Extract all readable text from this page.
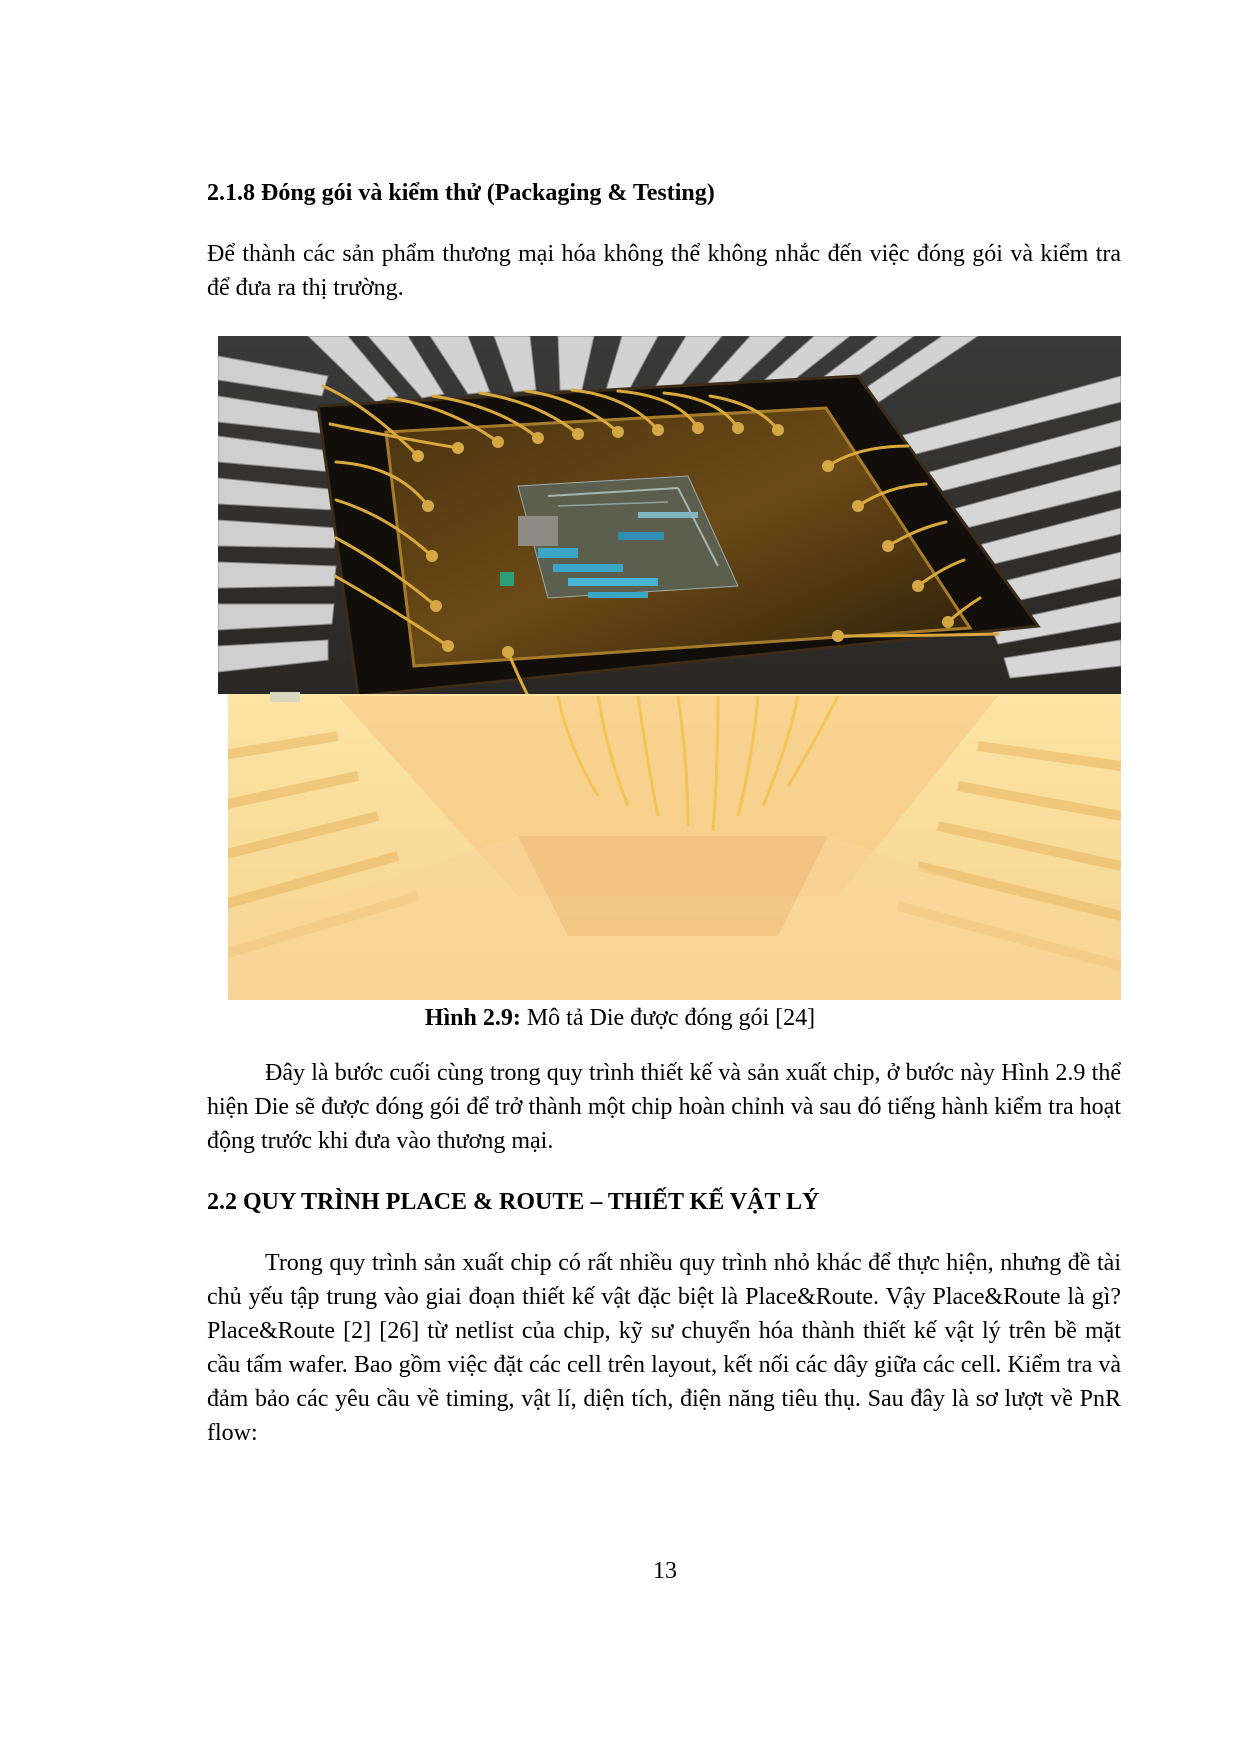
2.1.8 Đóng gói và kiểm thử (Packaging & Testing)

Để thành các sản phẩm thương mại hóa không thể không nhắc đến việc đóng gói và kiểm tra để đưa ra thị trường.

Hình 2.9: Mô tả Die được đóng gói [24]

Đây là bước cuối cùng trong quy trình thiết kế và sản xuất chip, ở bước này Hình 2.9 thể hiện Die sẽ được đóng gói để trở thành một chip hoàn chỉnh và sau đó tiếng hành kiểm tra hoạt động trước khi đưa vào thương mại.

2.2 QUY TRÌNH PLACE & ROUTE – THIẾT KẾ VẬT LÝ

Trong quy trình sản xuất chip có rất nhiều quy trình nhỏ khác để thực hiện, nhưng đề tài chủ yếu tập trung vào giai đoạn thiết kế vật đặc biệt là Place&Route. Vậy Place&Route là gì? Place&Route [2] [26] từ netlist của chip, kỹ sư chuyển hóa thành thiết kế vật lý trên bề mặt cầu tấm wafer. Bao gồm việc đặt các cell trên layout, kết nối các dây giữa các cell. Kiểm tra và đảm bảo các yêu cầu về timing, vật lí, diện tích, điện năng tiêu thụ. Sau đây là sơ lượt về PnR flow:

13
